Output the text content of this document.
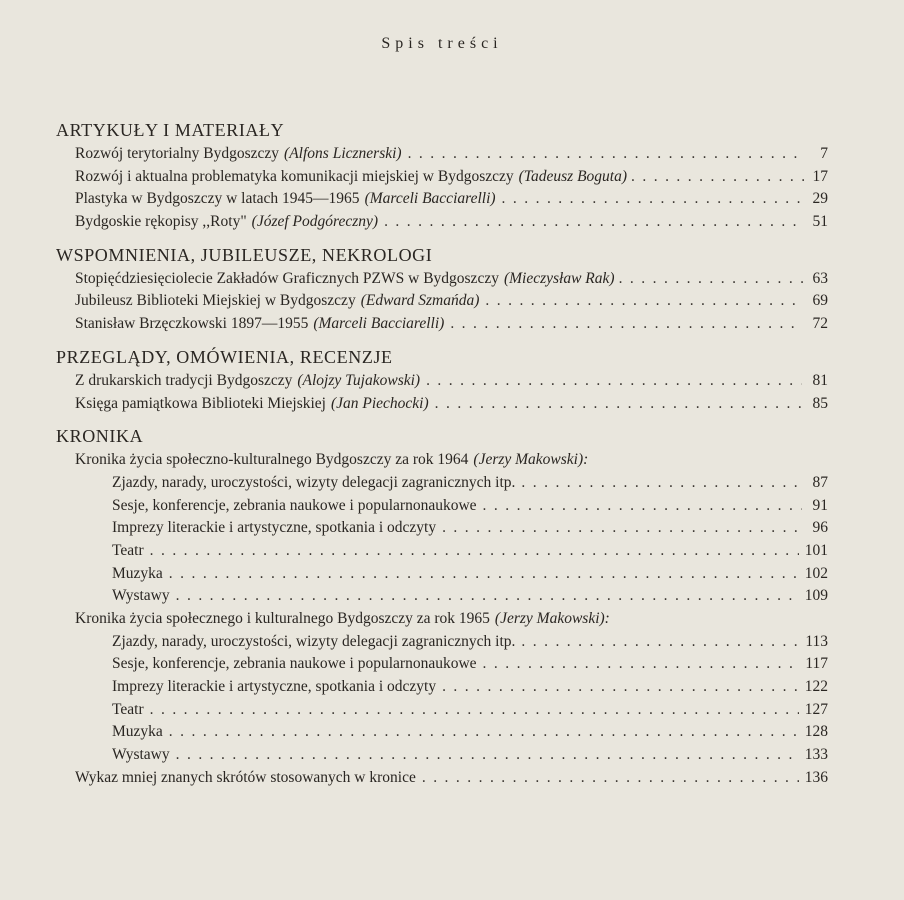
Spis treści
ARTYKUŁY I MATERIAŁY
Rozwój terytorialny Bydgoszczy (Alfons Licznerski) . . .	7
Rozwój i aktualna problematyka komunikacji miejskiej w Bydgoszczy (Tadeusz Boguta) . . .	17
Plastyka w Bydgoszczy w latach 1945—1965 (Marceli Bacciarelli) . . .	29
Bydgoskie rękopisy ,,Roty" (Józef Podgóreczny) . . .	51
WSPOMNIENIA, JUBILEUSZE, NEKROLOGI
Stopięćdziesięciolecie Zakładów Graficznych PZWS w Bydgoszczy (Mieczysław Rak) . . .	63
Jubileusz Biblioteki Miejskiej w Bydgoszczy (Edward Szmańda) . . .	69
Stanisław Brzęczkowski 1897—1955 (Marceli Bacciarelli) . . .	72
PRZEGLĄDY, OMÓWIENIA, RECENZJE
Z drukarskich tradycji Bydgoszczy (Alojzy Tujakowski) . . .	81
Księga pamiątkowa Biblioteki Miejskiej (Jan Piechocki) . . .	85
KRONIKA
Kronika życia społeczno-kulturalnego Bydgoszczy za rok 1964 (Jerzy Makowski) :
Zjazdy, narady, uroczystości, wizyty delegacji zagranicznych itp. . . .	87
Sesje, konferencje, zebrania naukowe i popularnonaukowe . . .	91
Imprezy literackie i artystyczne, spotkania i odczyty . . .	96
Teatr . . .	101
Muzyka . . .	102
Wystawy . . .	109
Kronika życia społecznego i kulturalnego Bydgoszczy za rok 1965 (Jerzy Makowski) :
Zjazdy, narady, uroczystości, wizyty delegacji zagranicznych itp. . . .	113
Sesje, konferencje, zebrania naukowe i popularnonaukowe . . .	117
Imprezy literackie i artystyczne, spotkania i odczyty . . .	122
Teatr . . .	127
Muzyka . . .	128
Wystawy . . .	133
Wykaz mniej znanych skrótów stosowanych w kronice . . .	136
